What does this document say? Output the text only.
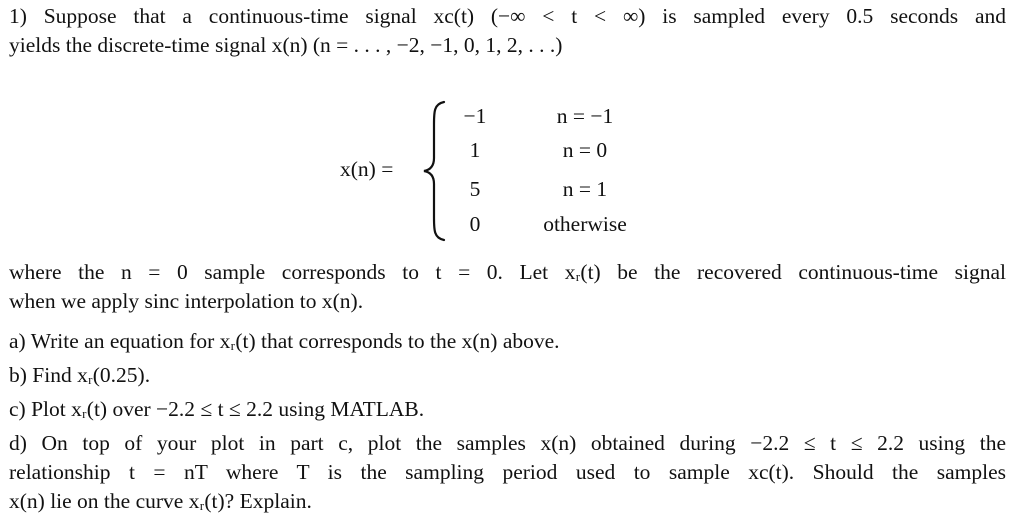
1) Suppose that a continuous-time signal xc(t) (−∞ < t < ∞) is sampled every 0.5 seconds and
yields the discrete-time signal x(n) (n = . . . , −2, −1, 0, 1, 2, . . .)
x(n) =
−1	n = −1
1	n = 0
5	n = 1
0	otherwise
where the n = 0 sample corresponds to t = 0. Let xᵣ(t) be the recovered continuous-time signal
when we apply sinc interpolation to x(n).
a) Write an equation for xᵣ(t) that corresponds to the x(n) above.
b) Find xᵣ(0.25).
c) Plot xᵣ(t) over −2.2 ≤ t ≤ 2.2 using MATLAB.
d) On top of your plot in part c, plot the samples x(n) obtained during −2.2 ≤ t ≤ 2.2 using the
relationship t = nT where T is the sampling period used to sample xc(t). Should the samples
x(n) lie on the curve xᵣ(t)? Explain.
